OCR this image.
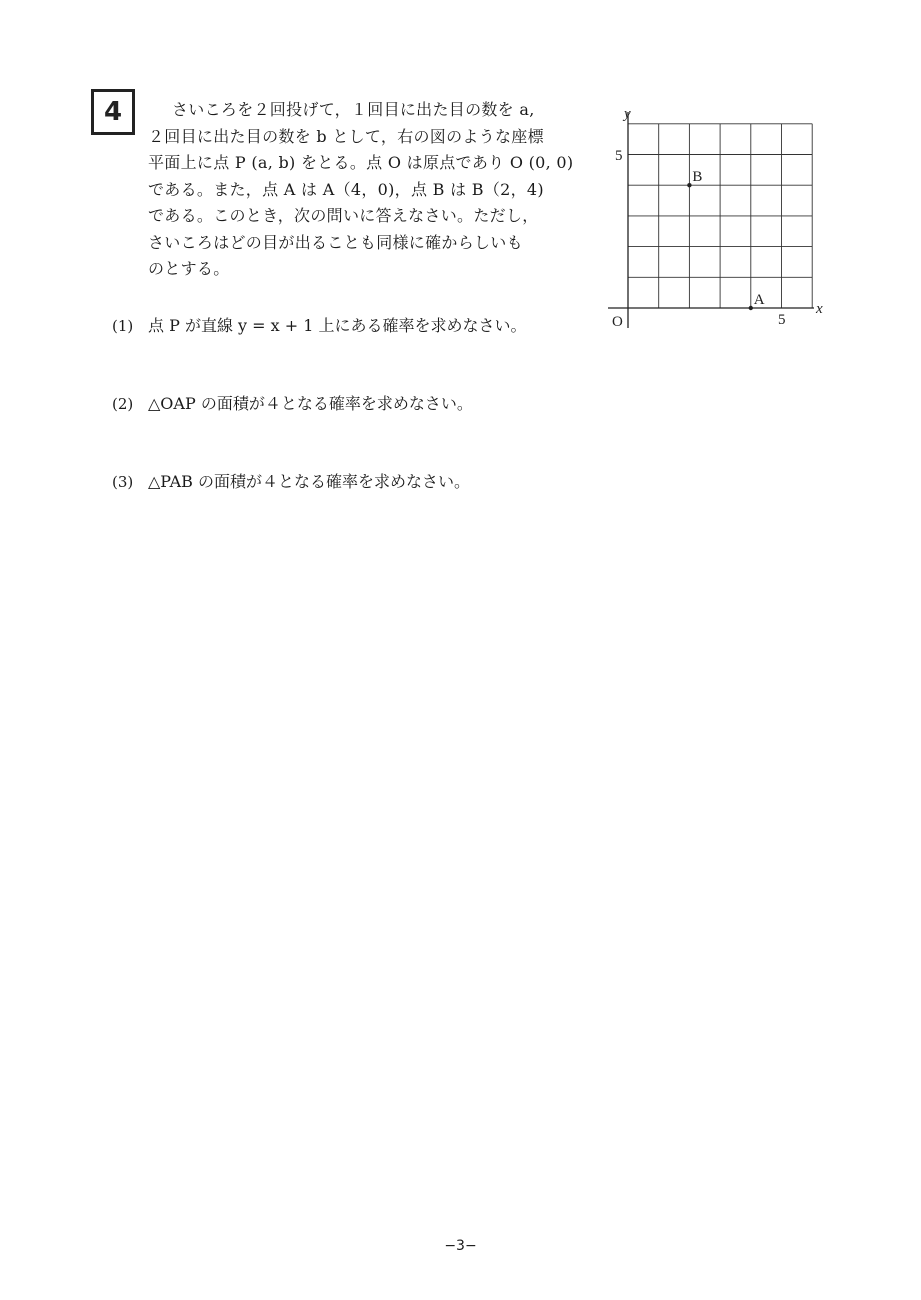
4	さいころを２回投げて，１回目に出た目の数を a,
２回目に出た目の数を b として，右の図のような座標
平面上に点 P (a, b) をとる。点 O は原点であり O (0, 0)
である。また，点 A は A（4，0)，点 B は B（2，4)
である。このとき，次の問いに答えなさい。ただし，
さいころはどの目が出ることも同様に確からしいも
のとする。
(1) 点 P が直線 y = x + 1 上にある確率を求めなさい。
(2) △OAP の面積が４となる確率を求めなさい。
(3) △PAB の面積が４となる確率を求めなさい。
x
y
O	5
5
A
B
−3−
